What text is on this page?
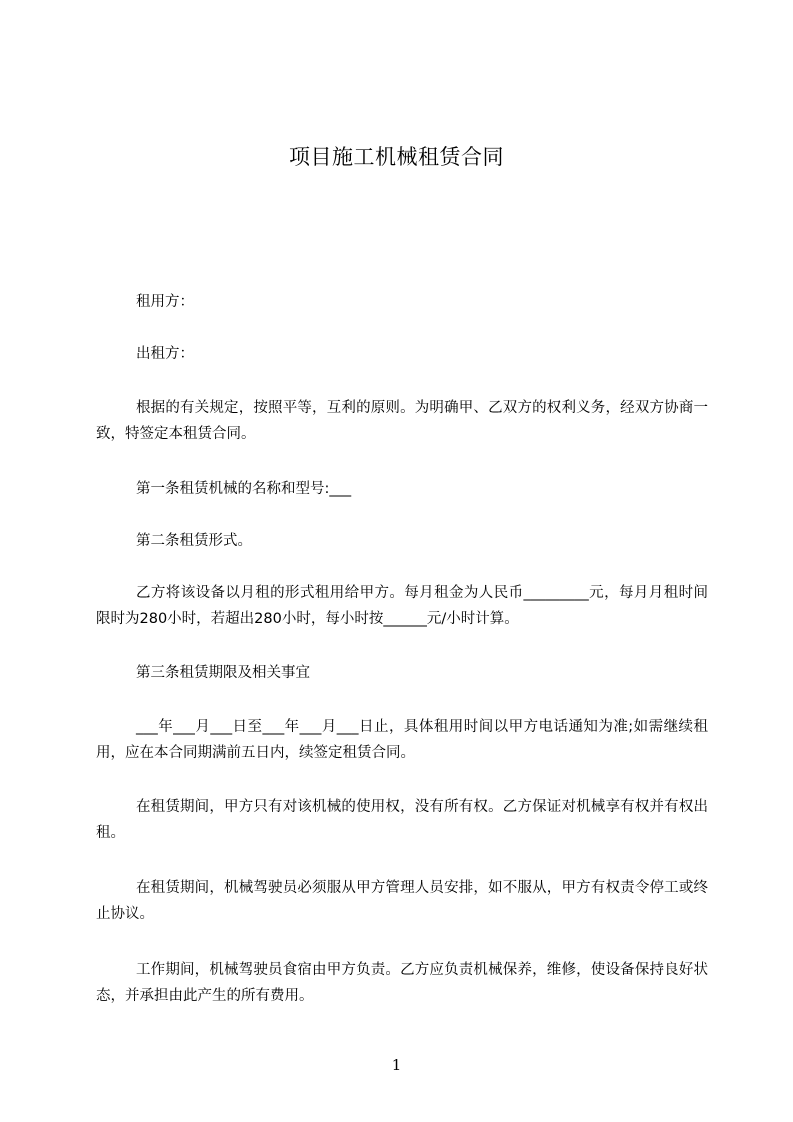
项目施工机械租赁合同

租用方：

出租方：

根据的有关规定，按照平等，互利的原则。为明确甲、乙双方的权利义务，经双方协商一致，特签定本租赁合同。

第一条租赁机械的名称和型号:___

第二条租赁形式。

乙方将该设备以月租的形式租用给甲方。每月租金为人民币_________元，每月月租时间限时为280小时，若超出280小时，每小时按______元/小时计算。

第三条租赁期限及相关事宜

___年___月___日至___年___月___日止，具体租用时间以甲方电话通知为准;如需继续租用，应在本合同期满前五日内，续签定租赁合同。

在租赁期间，甲方只有对该机械的使用权，没有所有权。乙方保证对机械享有权并有权出租。

在租赁期间，机械驾驶员必须服从甲方管理人员安排，如不服从，甲方有权责令停工或终止协议。

工作期间，机械驾驶员食宿由甲方负责。乙方应负责机械保养，维修，使设备保持良好状态，并承担由此产生的所有费用。

1
